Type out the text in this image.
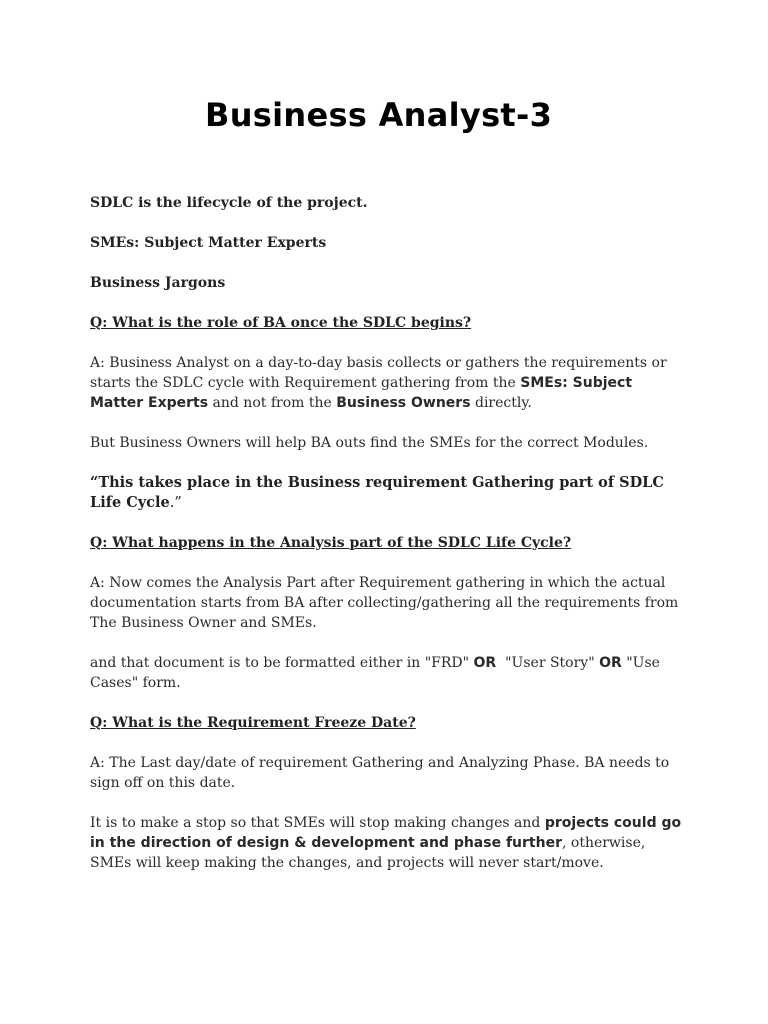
Business Analyst-3

SDLC is the lifecycle of the project.

SMEs: Subject Matter Experts

Business Jargons

Q: What is the role of BA once the SDLC begins?

A: Business Analyst on a day-to-day basis collects or gathers the requirements or starts the SDLC cycle with Requirement gathering from the SMEs: Subject Matter Experts and not from the Business Owners directly.

But Business Owners will help BA outs find the SMEs for the correct Modules.

“This takes place in the Business requirement Gathering part of SDLC Life Cycle.”

Q: What happens in the Analysis part of the SDLC Life Cycle?

A: Now comes the Analysis Part after Requirement gathering in which the actual documentation starts from BA after collecting/gathering all the requirements from The Business Owner and SMEs.

and that document is to be formatted either in "FRD" OR  "User Story" OR "Use Cases" form.

Q: What is the Requirement Freeze Date?

A: The Last day/date of requirement Gathering and Analyzing Phase. BA needs to sign off on this date.

It is to make a stop so that SMEs will stop making changes and projects could go in the direction of design & development and phase further, otherwise, SMEs will keep making the changes, and projects will never start/move.
